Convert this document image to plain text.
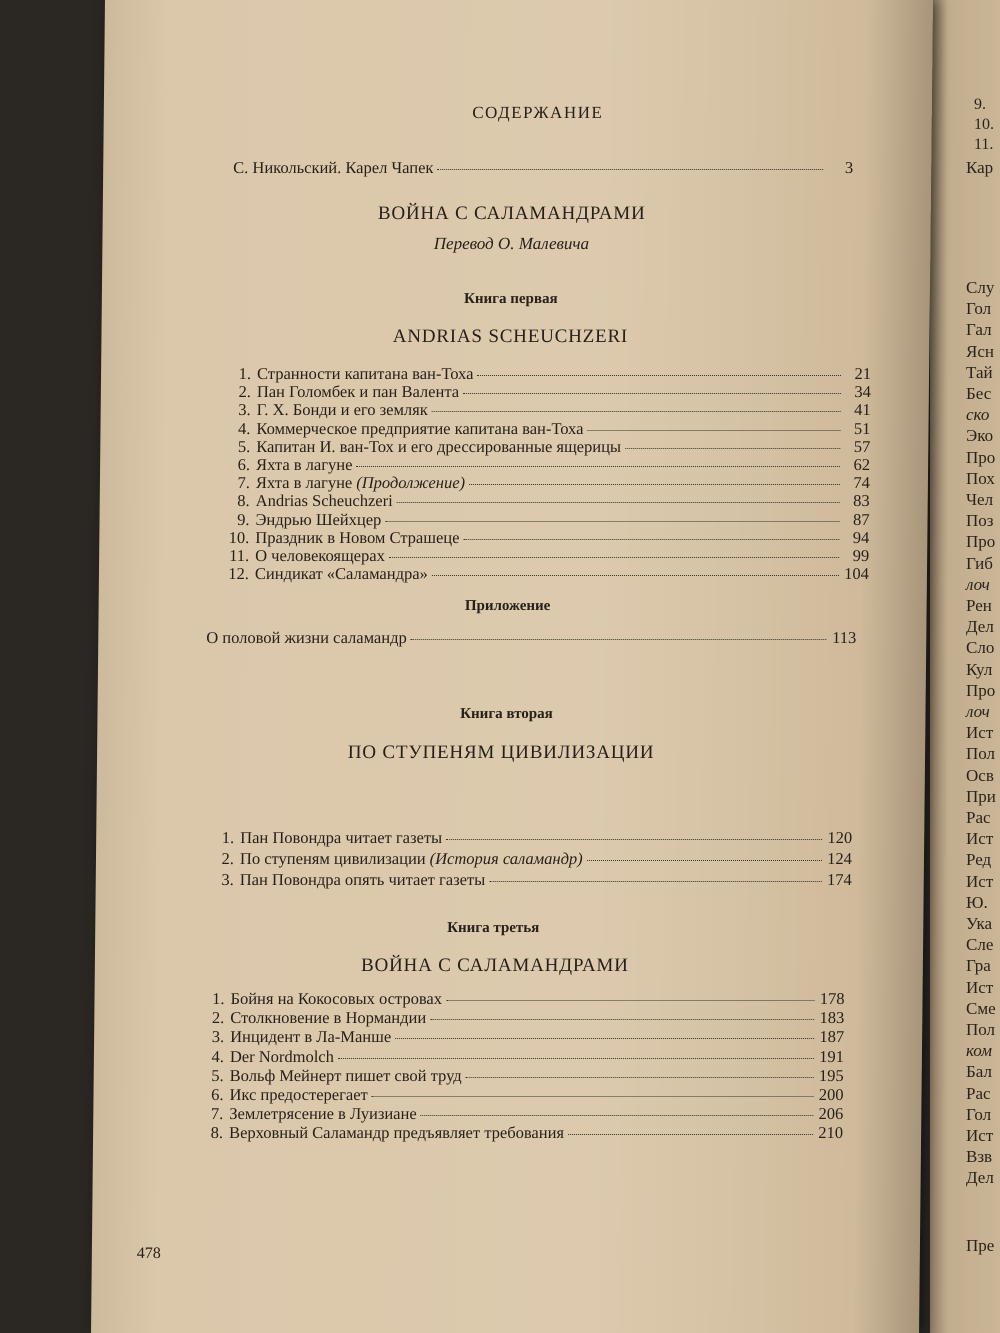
9.
10.
11.
Кар
Слу
Гол
Гал
Ясн
Тай
Бес
ско
Эко
Про
Пох
Чел
Поз
Про
Гиб
лоч
Рен
Дел
Сло
Кул
Про
лоч
Ист
Пол
Осв
При
Рас
Ист
Ред
Ист
Ю.
Ука
Сле
Гра
Ист
Сме
Пол
ком
Бал
Рас
Гол
Ист
Взв
Дел
Пре
СОДЕРЖАНИЕ
С. Никольский. Карел Чапек	3
ВОЙНА С САЛАМАНДРАМИ
Перевод О. Малевича
Книга первая
ANDRIAS SCHEUCHZERI
1. Странности капитана ван-Тоха	21
2. Пан Голомбек и пан Валента	34
3. Г. Х. Бонди и его земляк	41
4. Коммерческое предприятие капитана ван-Тоха	51
5. Капитан И. ван-Тох и его дрессированные ящерицы	57
6. Яхта в лагуне	62
7. Яхта в лагуне (Продолжение)	74
8. Andrias Scheuchzeri	83
9. Эндрью Шейхцер	87
10. Праздник в Новом Страшеце	94
11. О человекоящерах	99
12. Синдикат «Саламандра»	104
Приложение
О половой жизни саламандр	113
Книга вторая
ПО СТУПЕНЯМ ЦИВИЛИЗАЦИИ
1. Пан Повондра читает газеты	120
2. По ступеням цивилизации (История саламандр)	124
3. Пан Повондра опять читает газеты	174
Книга третья
ВОЙНА С САЛАМАНДРАМИ
1. Бойня на Кокосовых островах	178
2. Столкновение в Нормандии	183
3. Инцидент в Ла-Манше	187
4. Der Nordmolch	191
5. Вольф Мейнерт пишет свой труд	195
6. Икс предостерегает	200
7. Землетрясение в Луизиане	206
8. Верховный Саламандр предъявляет требования	210
478
